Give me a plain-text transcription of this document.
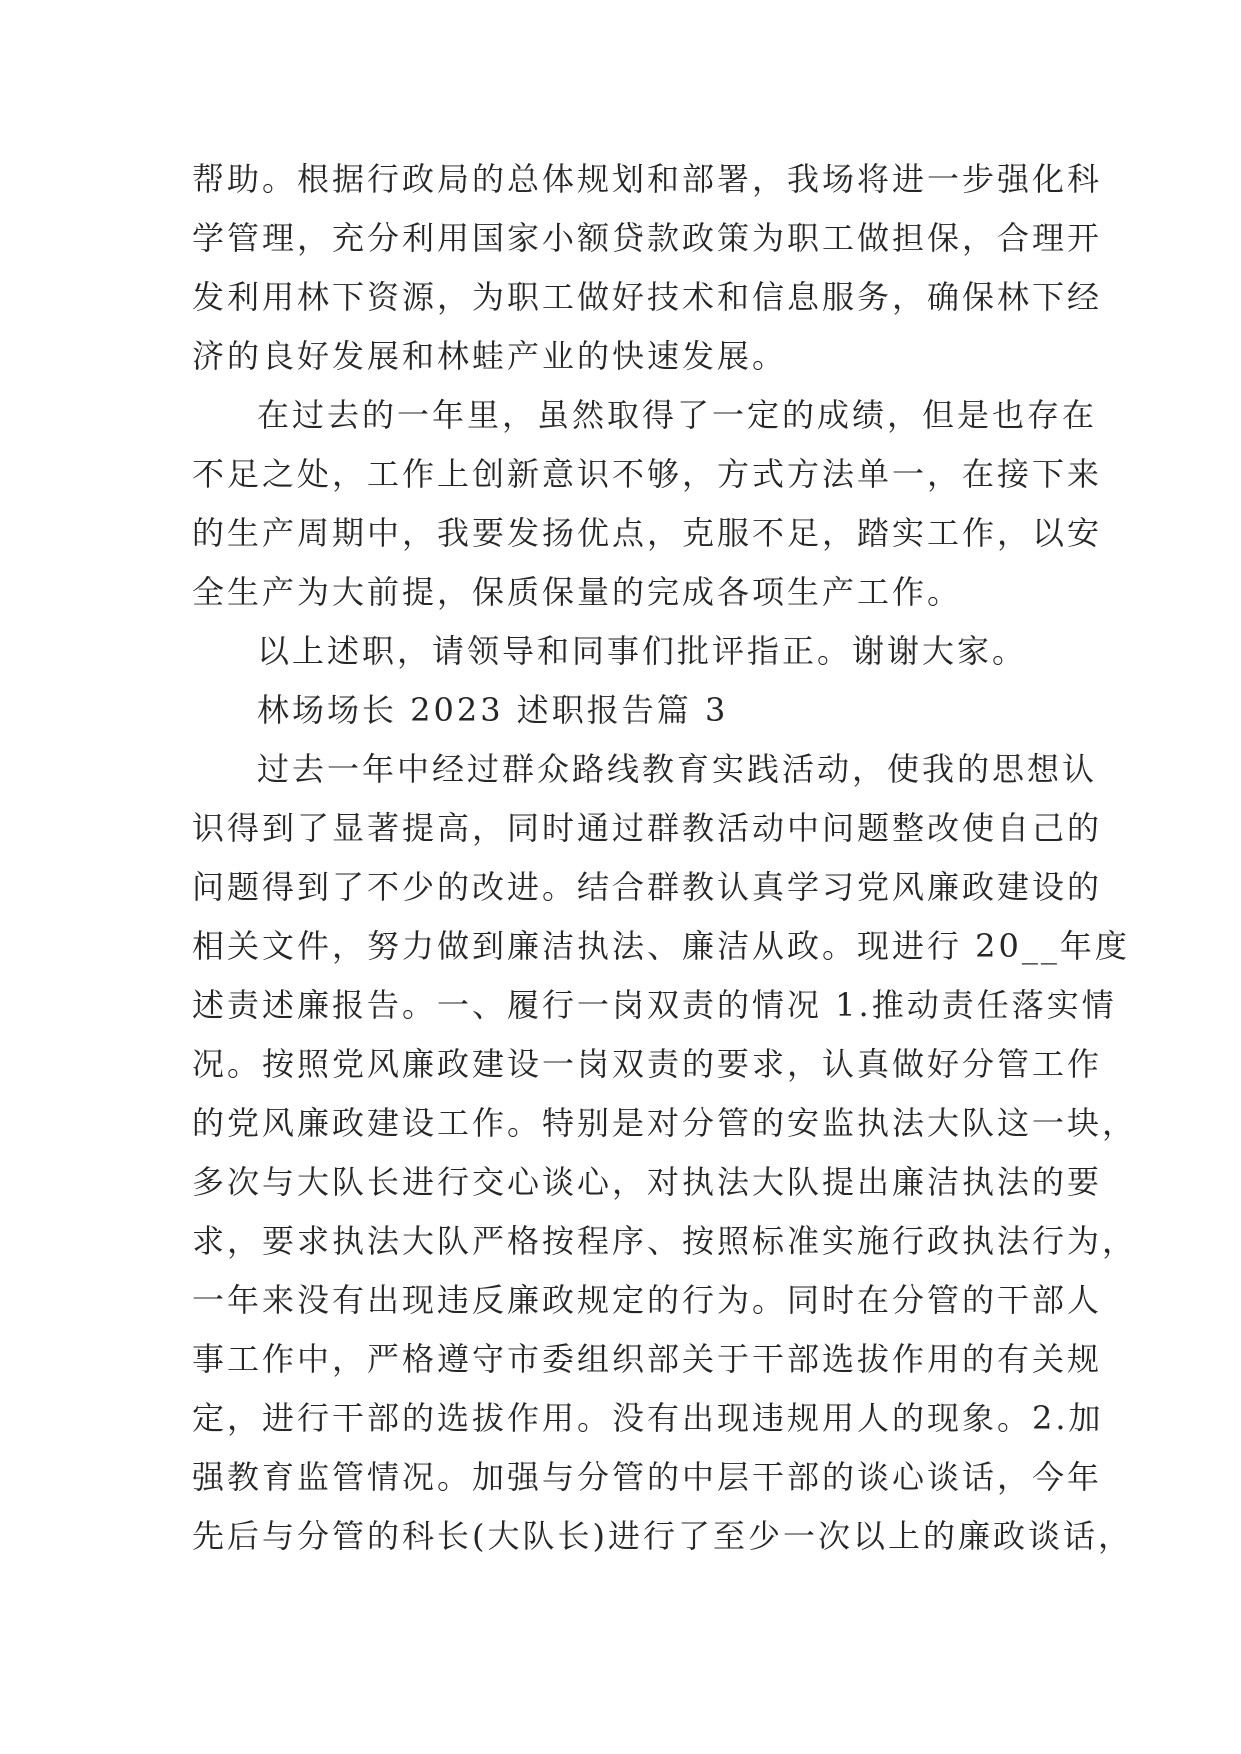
帮助。根据行政局的总体规划和部署，我场将进一步强化科
学管理，充分利用国家小额贷款政策为职工做担保，合理开
发利用林下资源，为职工做好技术和信息服务，确保林下经
济的良好发展和林蛙产业的快速发展。
在过去的一年里，虽然取得了一定的成绩，但是也存在
不足之处，工作上创新意识不够，方式方法单一，在接下来
的生产周期中，我要发扬优点，克服不足，踏实工作，以安
全生产为大前提，保质保量的完成各项生产工作。
以上述职，请领导和同事们批评指正。谢谢大家。
林场场长 2023 述职报告篇 3
过去一年中经过群众路线教育实践活动，使我的思想认
识得到了显著提高，同时通过群教活动中问题整改使自己的
问题得到了不少的改进。结合群教认真学习党风廉政建设的
相关文件，努力做到廉洁执法、廉洁从政。现进行 20__年度
述责述廉报告。一、履行一岗双责的情况 1.推动责任落实情
况。按照党风廉政建设一岗双责的要求，认真做好分管工作
的党风廉政建设工作。特别是对分管的安监执法大队这一块，
多次与大队长进行交心谈心，对执法大队提出廉洁执法的要
求，要求执法大队严格按程序、按照标准实施行政执法行为，
一年来没有出现违反廉政规定的行为。同时在分管的干部人
事工作中，严格遵守市委组织部关于干部选拔作用的有关规
定，进行干部的选拔作用。没有出现违规用人的现象。2.加
强教育监管情况。加强与分管的中层干部的谈心谈话，今年
先后与分管的科长(大队长)进行了至少一次以上的廉政谈话，
